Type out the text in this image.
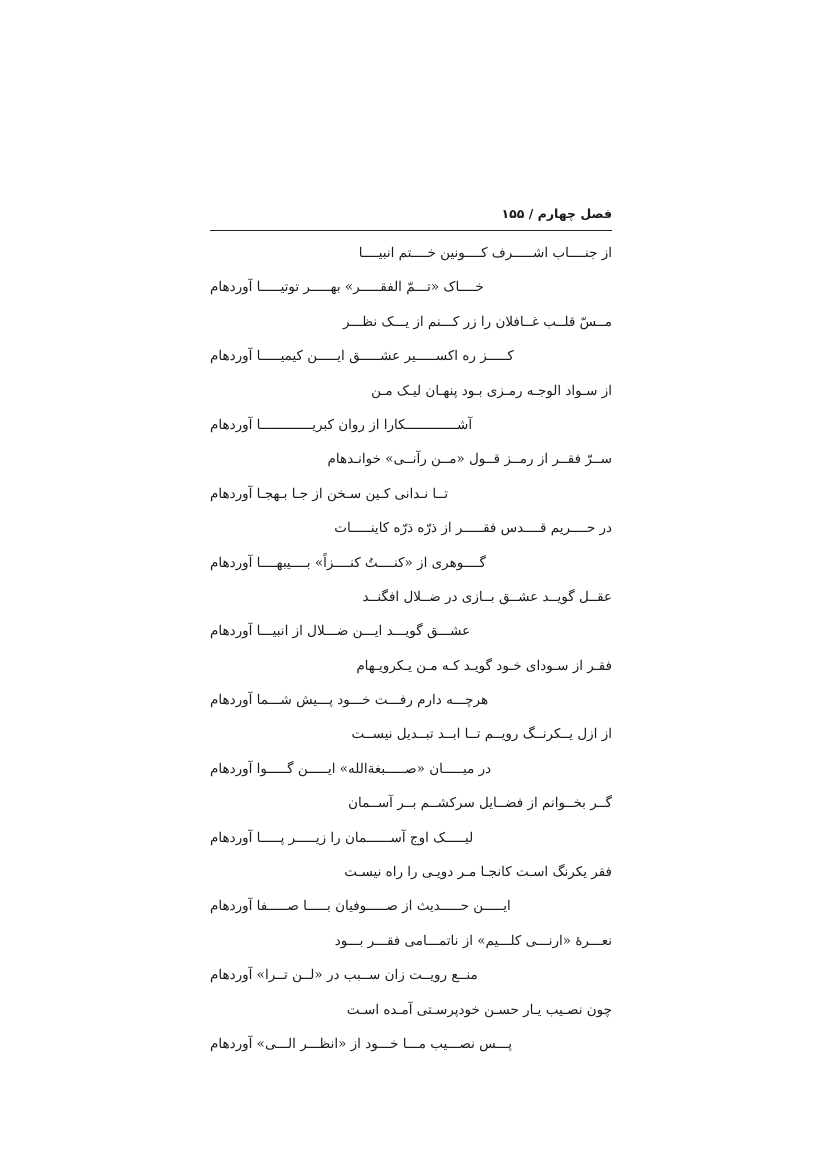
فصل چهارم / ۱۵۵
از جنــــاب اشـــــرف کــــونین خــــتم انبیــــا
خــــاک «تـــمّ الفقـــــر» بهـــــر توتیـــــا آوردهام
مــسّ قلــب غــافلان را زر کـــنم از یـــک نظـــر
کـــــز ره اکســـــیر عشـــــق ایـــــن کیمیـــــا آوردهام
از سـواد الوجـه رمـزی بـود پنهـان لیـک مـن
آشـــــــــــــکارا از روان کبریـــــــــــــا آوردهام
ســرّ فقــر از رمــز قــول «مــن رآنــی» خوانـدهام
تــا نـدانی کـین سـخن از جـا بـهجـا آوردهام
در حــــریم قــــدس فقـــــر از ذرّه ذرّه کاینـــــات
گــــوهری از «کنــــتُ کنــــزاً» بــــیبهــــا آوردهام
عقــل گویــد عشــق بــازی در ضــلال افگنــد
عشـــق گویـــد ایـــن ضـــلال از انبیـــا آوردهام
فقـر از سـودای خـود گویـد کـه مـن یـکرویـهام
هرچـــه دارم رفـــت خـــود پـــیش شـــما آوردهام
از ازل یــکرنــگ رویــم تــا ابــد تبــدیل نیســت
در میـــــان «صـــــبغةالله» ایـــــن گـــــوا آوردهام
گــر بخــوانم از فضــایل سرکشــم بــر آســمان
لیـــــک اوج آســــــمان را زیـــــر پـــــا آوردهام
فقر یکرنگ اسـت کانجـا مـر دویـی را راه نیسـت
ایـــــن حـــــدیث از صـــــوفیان بـــــا صـــــفا آوردهام
نعـــرهٔ «ارنـــی کلـــیم» از ناتمـــامی فقـــر بـــود
منــع رویــت زان ســبب در «لــن تــرا» آوردهام
چون نصـیب یـار حسـن خودپرسـتی آمـده اسـت
پـــس نصـــیب مـــا خـــود از «انظـــر الـــی» آوردهام
